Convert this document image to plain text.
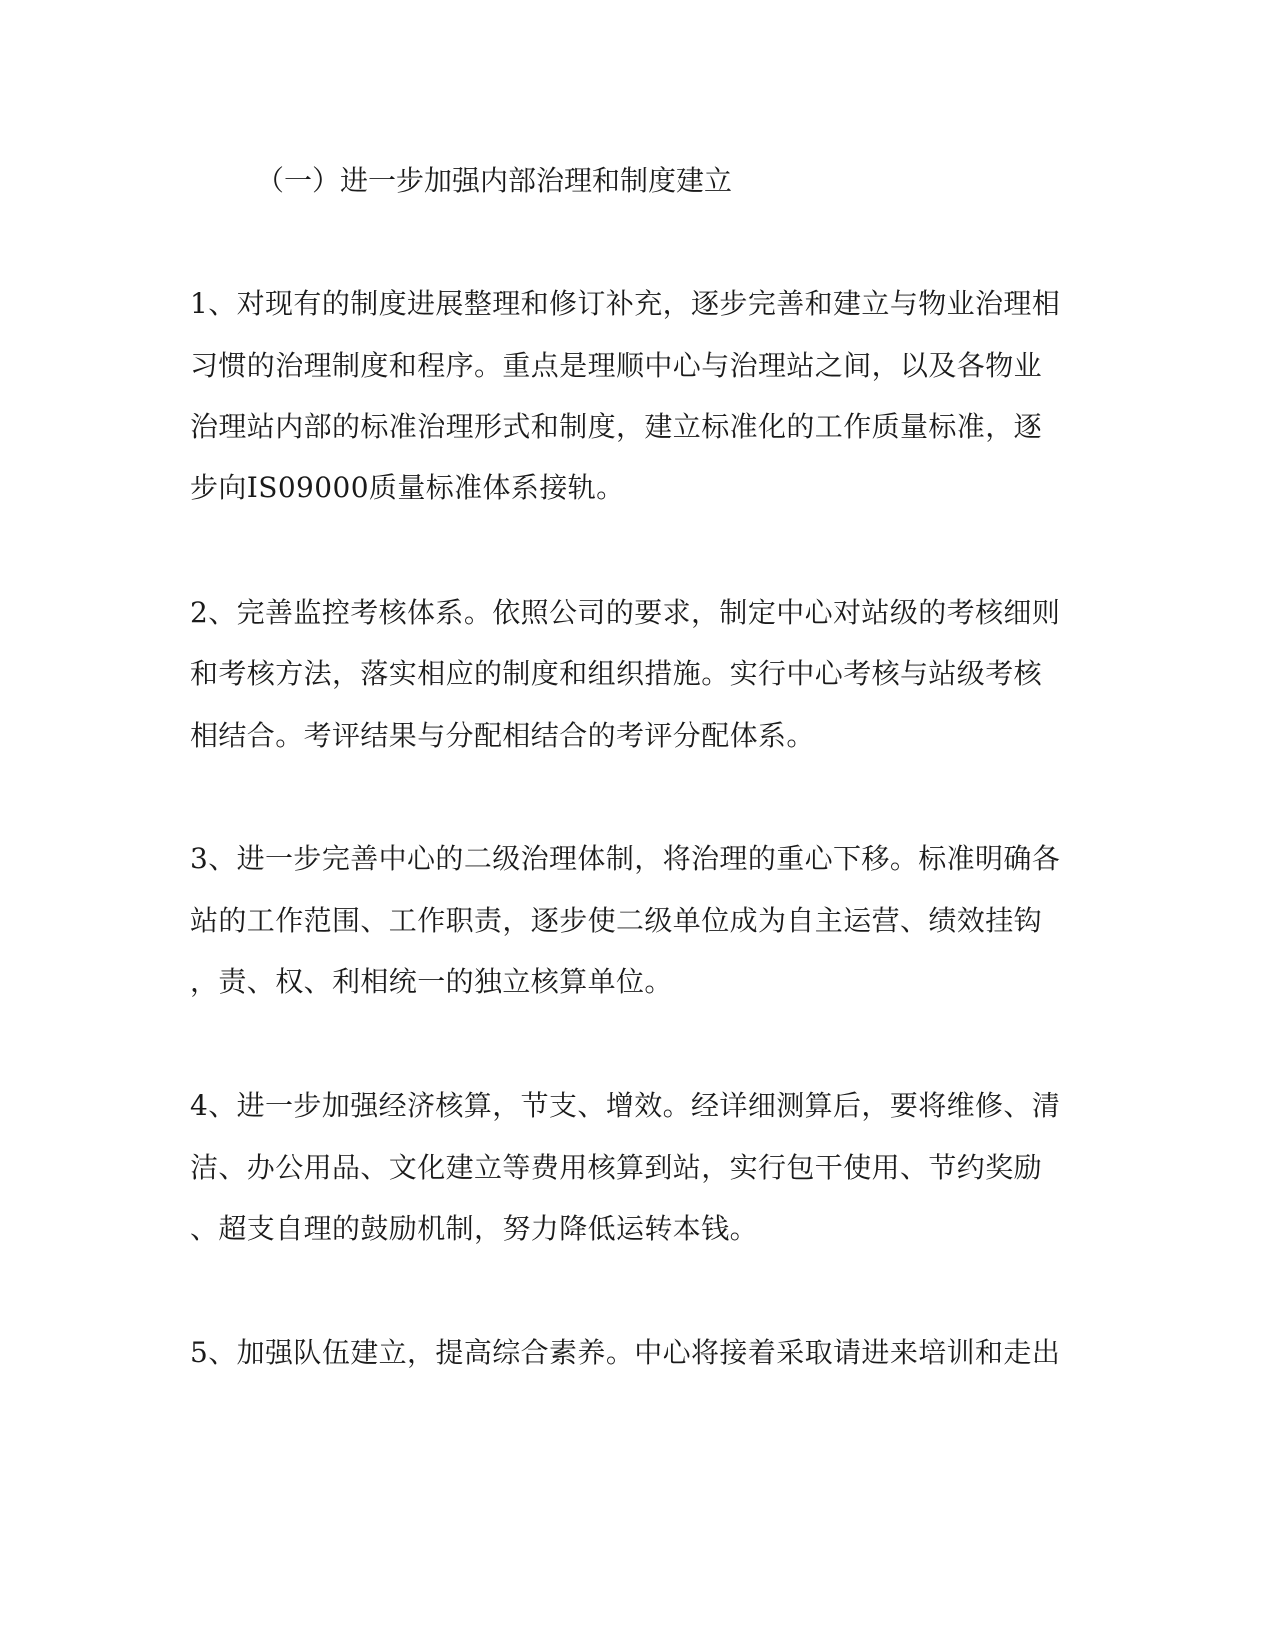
（一）进一步加强内部治理和制度建立
1、对现有的制度进展整理和修订补充，逐步完善和建立与物业治理相
习惯的治理制度和程序。重点是理顺中心与治理站之间，以及各物业
治理站内部的标准治理形式和制度，建立标准化的工作质量标准，逐
步向IS09000质量标准体系接轨。
2、完善监控考核体系。依照公司的要求，制定中心对站级的考核细则
和考核方法，落实相应的制度和组织措施。实行中心考核与站级考核
相结合。考评结果与分配相结合的考评分配体系。
3、进一步完善中心的二级治理体制，将治理的重心下移。标准明确各
站的工作范围、工作职责，逐步使二级单位成为自主运营、绩效挂钩
，责、权、利相统一的独立核算单位。
4、进一步加强经济核算，节支、增效。经详细测算后，要将维修、清
洁、办公用品、文化建立等费用核算到站，实行包干使用、节约奖励
、超支自理的鼓励机制，努力降低运转本钱。
5、加强队伍建立，提高综合素养。中心将接着采取请进来培训和走出
